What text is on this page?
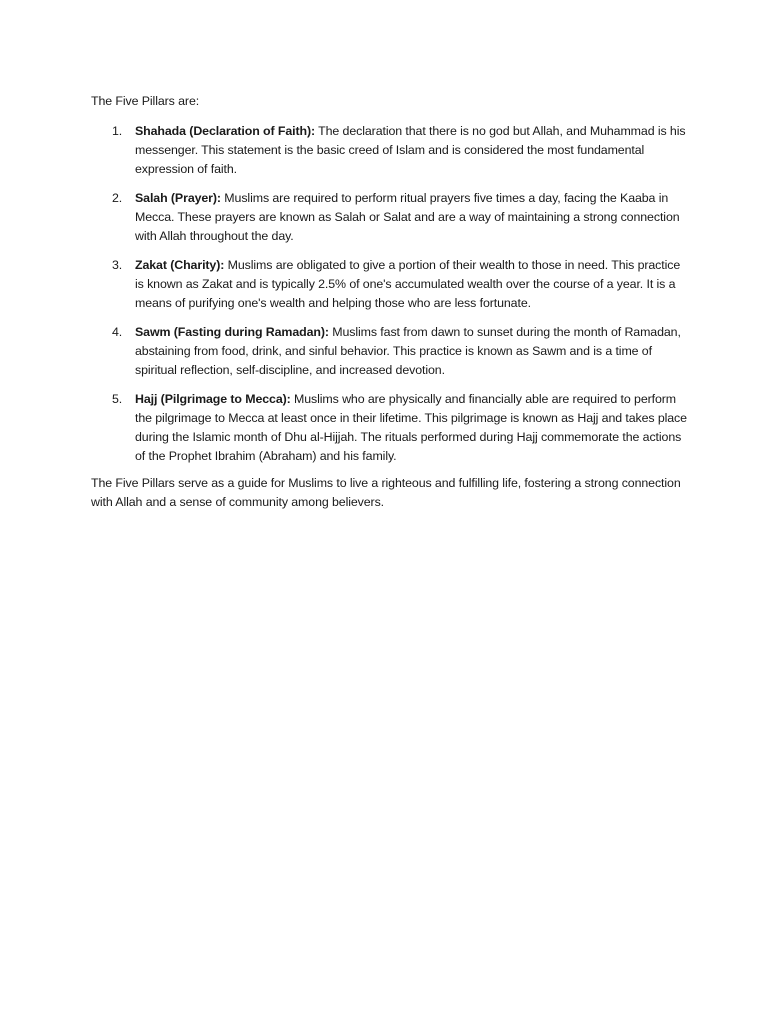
The Five Pillars are:

1. Shahada (Declaration of Faith): The declaration that there is no god but Allah, and Muhammad is his messenger. This statement is the basic creed of Islam and is considered the most fundamental expression of faith.
2. Salah (Prayer): Muslims are required to perform ritual prayers five times a day, facing the Kaaba in Mecca. These prayers are known as Salah or Salat and are a way of maintaining a strong connection with Allah throughout the day.
3. Zakat (Charity): Muslims are obligated to give a portion of their wealth to those in need. This practice is known as Zakat and is typically 2.5% of one's accumulated wealth over the course of a year. It is a means of purifying one's wealth and helping those who are less fortunate.
4. Sawm (Fasting during Ramadan): Muslims fast from dawn to sunset during the month of Ramadan, abstaining from food, drink, and sinful behavior. This practice is known as Sawm and is a time of spiritual reflection, self-discipline, and increased devotion.
5. Hajj (Pilgrimage to Mecca): Muslims who are physically and financially able are required to perform the pilgrimage to Mecca at least once in their lifetime. This pilgrimage is known as Hajj and takes place during the Islamic month of Dhu al-Hijjah. The rituals performed during Hajj commemorate the actions of the Prophet Ibrahim (Abraham) and his family.

The Five Pillars serve as a guide for Muslims to live a righteous and fulfilling life, fostering a strong connection with Allah and a sense of community among believers.
